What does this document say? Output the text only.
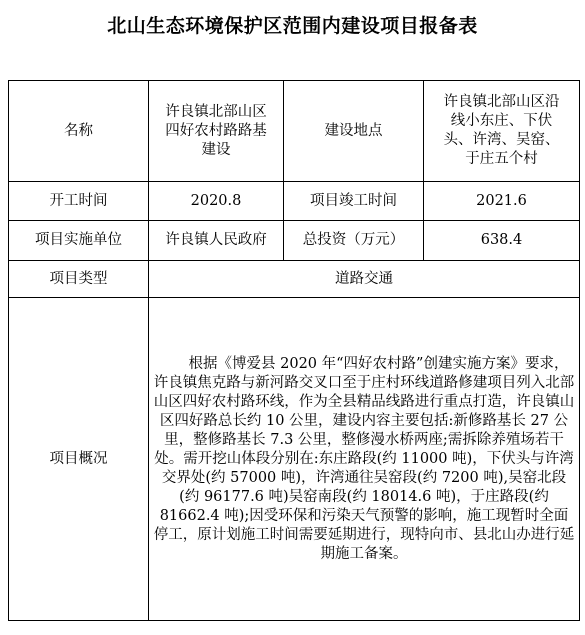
北山生态环境保护区范围内建设项目报备表
名称	许良镇北部山区四好农村路路基建设	建设地点	许良镇北部山区沿线小东庄、下伏头、许湾、吴窑、于庄五个村
开工时间	2020.8	项目竣工时间	2021.6
项目实施单位	许良镇人民政府	总投资（万元）	638.4
项目类型	道路交通		
项目概况	根据《博爱县 2020 年“四好农村路”创建实施方案》要求，许良镇焦克路与新河路交叉口至于庄村环线道路修建项目列入北部山区四好农村路环线，作为全县精品线路进行重点打造，许良镇山区四好路总长约 10 公里，建设内容主要包括:新修路基长 27 公里，整修路基长 7.3 公里，整修漫水桥两座;需拆除养殖场若干处。需开挖山体段分别在:东庄路段(约 11000 吨)，下伏头与许湾交界处(约 57000 吨)，许湾通往吴窑段(约 7200 吨),吴窑北段(约 96177.6 吨)吴窑南段(约 18014.6 吨)，于庄路段(约 81662.4 吨);因受环保和污染天气预警的影响，施工现暂时全面停工，原计划施工时间需要延期进行，现特向市、县北山办进行延期施工备案。		
